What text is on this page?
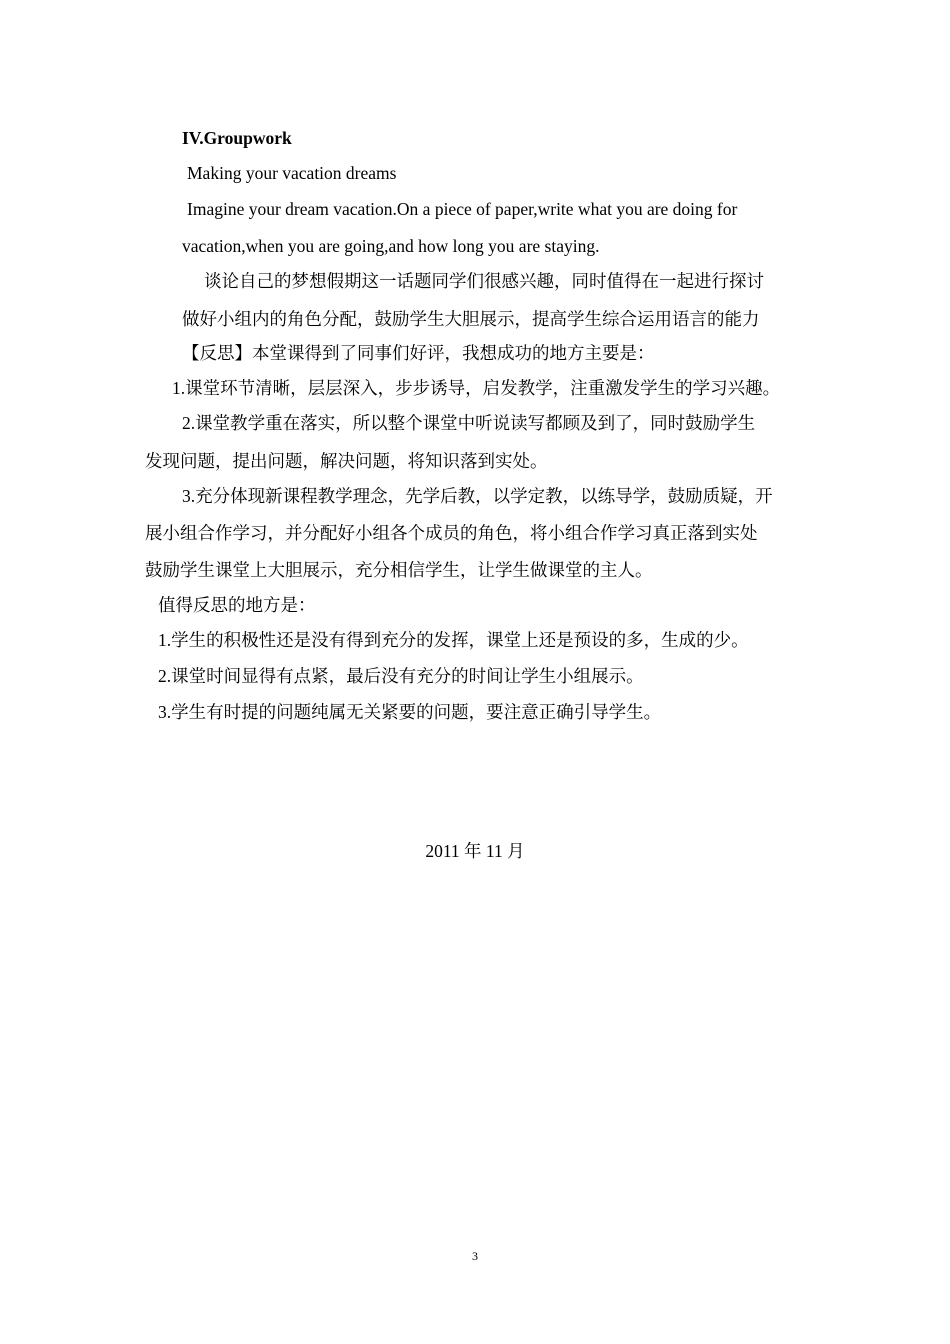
IV.Groupwork
Making your vacation dreams
Imagine your dream vacation.On a piece of paper,write what you are doing for
vacation,when you are going,and how long you are staying.
谈论自己的梦想假期这一话题同学们很感兴趣，同时值得在一起进行探讨
做好小组内的角色分配，鼓励学生大胆展示，提高学生综合运用语言的能力
【反思】本堂课得到了同事们好评，我想成功的地方主要是：
1.课堂环节清晰，层层深入，步步诱导，启发教学，注重激发学生的学习兴趣。
2.课堂教学重在落实，所以整个课堂中听说读写都顾及到了，同时鼓励学生
发现问题，提出问题，解决问题，将知识落到实处。
3.充分体现新课程教学理念，先学后教，以学定教，以练导学，鼓励质疑，开
展小组合作学习，并分配好小组各个成员的角色，将小组合作学习真正落到实处
鼓励学生课堂上大胆展示，充分相信学生，让学生做课堂的主人。
值得反思的地方是：
1.学生的积极性还是没有得到充分的发挥，课堂上还是预设的多，生成的少。
2.课堂时间显得有点紧，最后没有充分的时间让学生小组展示。
3.学生有时提的问题纯属无关紧要的问题，要注意正确引导学生。
2011 年 11 月
3
